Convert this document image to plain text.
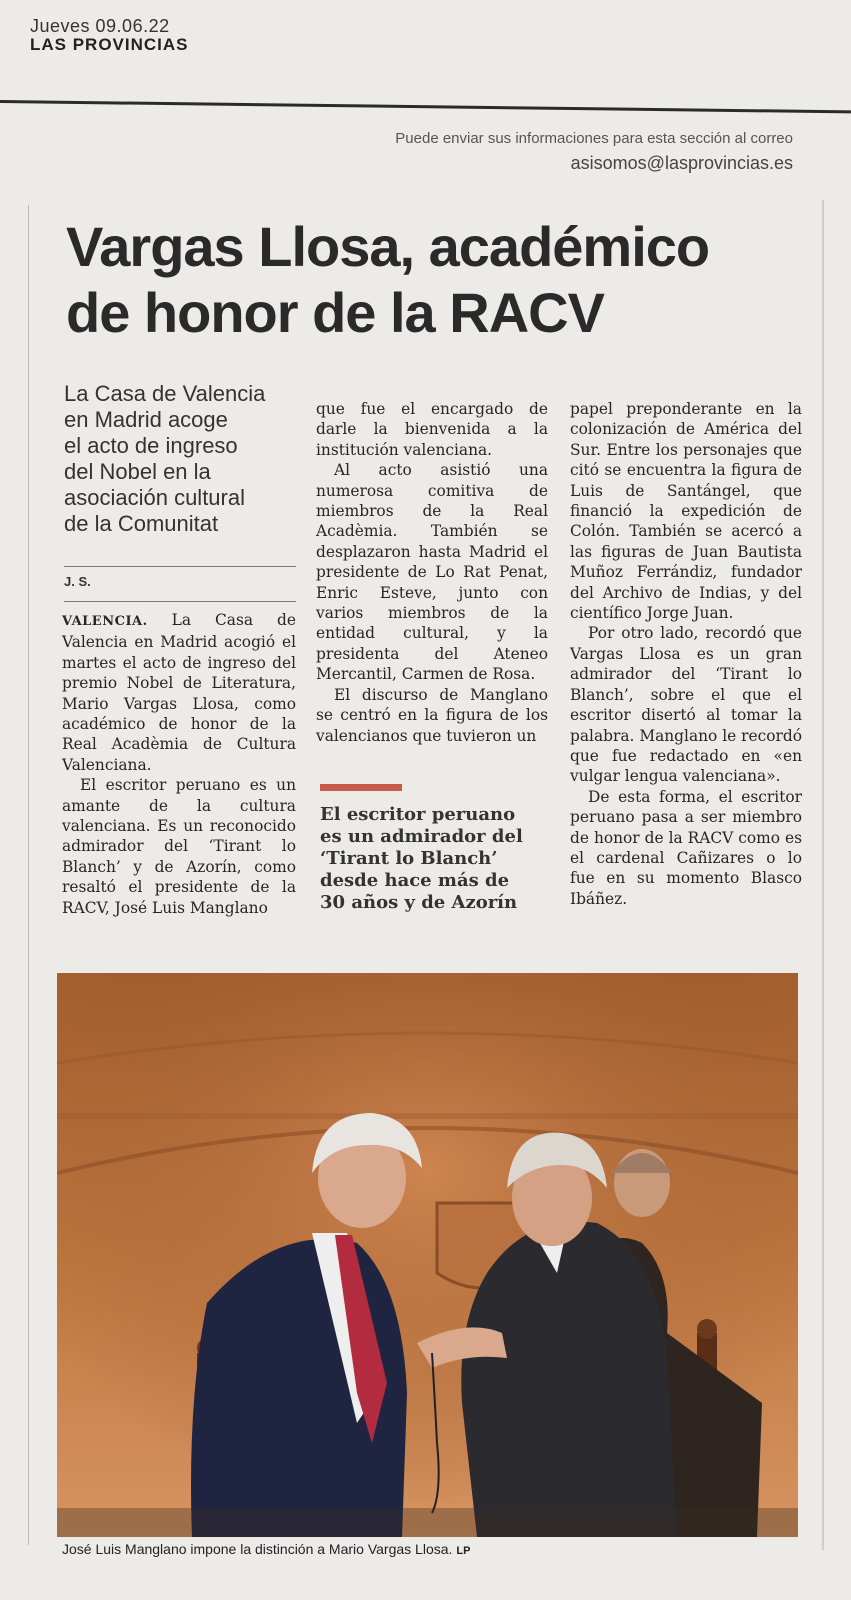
Jueves 09.06.22
LAS PROVINCIAS
Puede enviar sus informaciones para esta sección al correo
asisomos@lasprovincias.es
Vargas Llosa, académico
de honor de la RACV
La Casa de Valencia
en Madrid acoge
el acto de ingreso
del Nobel en la
asociación cultural
de la Comunitat
J. S.

VALENCIA. La Casa de Valencia en Madrid acogió el martes el acto de ingreso del premio Nobel de Literatura, Mario Vargas Llosa, como académico de honor de la Real Acadèmia de Cultura Valenciana.

El escritor peruano es un amante de la cultura valenciana. Es un reconocido admirador del ‘Tirant lo Blanch’ y de Azorín, como resaltó el presidente de la RACV, José Luis Manglano

que fue el encargado de darle la bienvenida a la institución valenciana.

Al acto asistió una numerosa comitiva de miembros de la Real Acadèmia. También se desplazaron hasta Madrid el presidente de Lo Rat Penat, Enric Esteve, junto con varios miembros de la entidad cultural, y la presidenta del Ateneo Mercantil, Carmen de Rosa.

El discurso de Manglano se centró en la figura de los valencianos que tuvieron un

El escritor peruano es un admirador del ‘Tirant lo Blanch’ desde hace más de 30 años y de Azorín

papel preponderante en la colonización de América del Sur. Entre los personajes que citó se encuentra la figura de Luis de Santángel, que financió la expedición de Colón. También se acercó a las figuras de Juan Bautista Muñoz Ferrándiz, fundador del Archivo de Indias, y del científico Jorge Juan.

Por otro lado, recordó que Vargas Llosa es un gran admirador del ‘Tirant lo Blanch’, sobre el que el escritor disertó al tomar la palabra. Manglano le recordó que fue redactado en «en vulgar lengua valenciana».

De esta forma, el escritor peruano pasa a ser miembro de honor de la RACV como es el cardenal Cañizares o lo fue en su momento Blasco Ibáñez.

José Luis Manglano impone la distinción a Mario Vargas Llosa. LP
